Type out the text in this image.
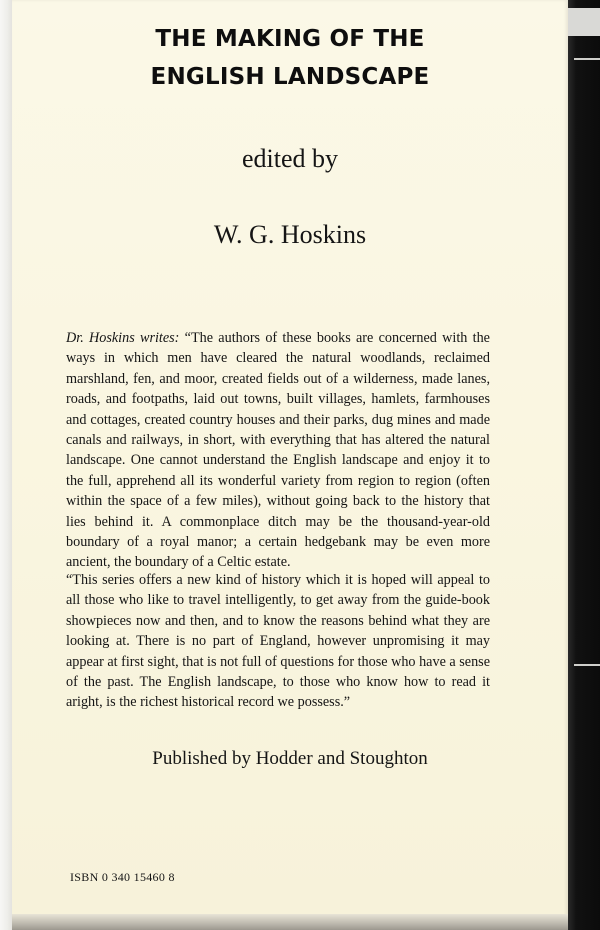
THE MAKING OF THE
ENGLISH LANDSCAPE

edited by

W. G. Hoskins

Dr. Hoskins writes: “The authors of these books are concerned with the ways in which men have cleared the natural woodlands, reclaimed marshland, fen, and moor, created fields out of a wilderness, made lanes, roads, and footpaths, laid out towns, built villages, hamlets, farmhouses and cottages, created country houses and their parks, dug mines and made canals and railways, in short, with everything that has altered the natural landscape. One cannot understand the English landscape and enjoy it to the full, apprehend all its wonderful variety from region to region (often within the space of a few miles), without going back to the history that lies behind it. A commonplace ditch may be the thousand-year-old boundary of a royal manor; a certain hedgebank may be even more ancient, the boundary of a Celtic estate.

“This series offers a new kind of history which it is hoped will appeal to all those who like to travel intelligently, to get away from the guide-book showpieces now and then, and to know the reasons behind what they are looking at. There is no part of England, however unpromising it may appear at first sight, that is not full of questions for those who have a sense of the past. The English landscape, to those who know how to read it aright, is the richest historical record we possess.”

Published by Hodder and Stoughton

ISBN 0 340 15460 8
